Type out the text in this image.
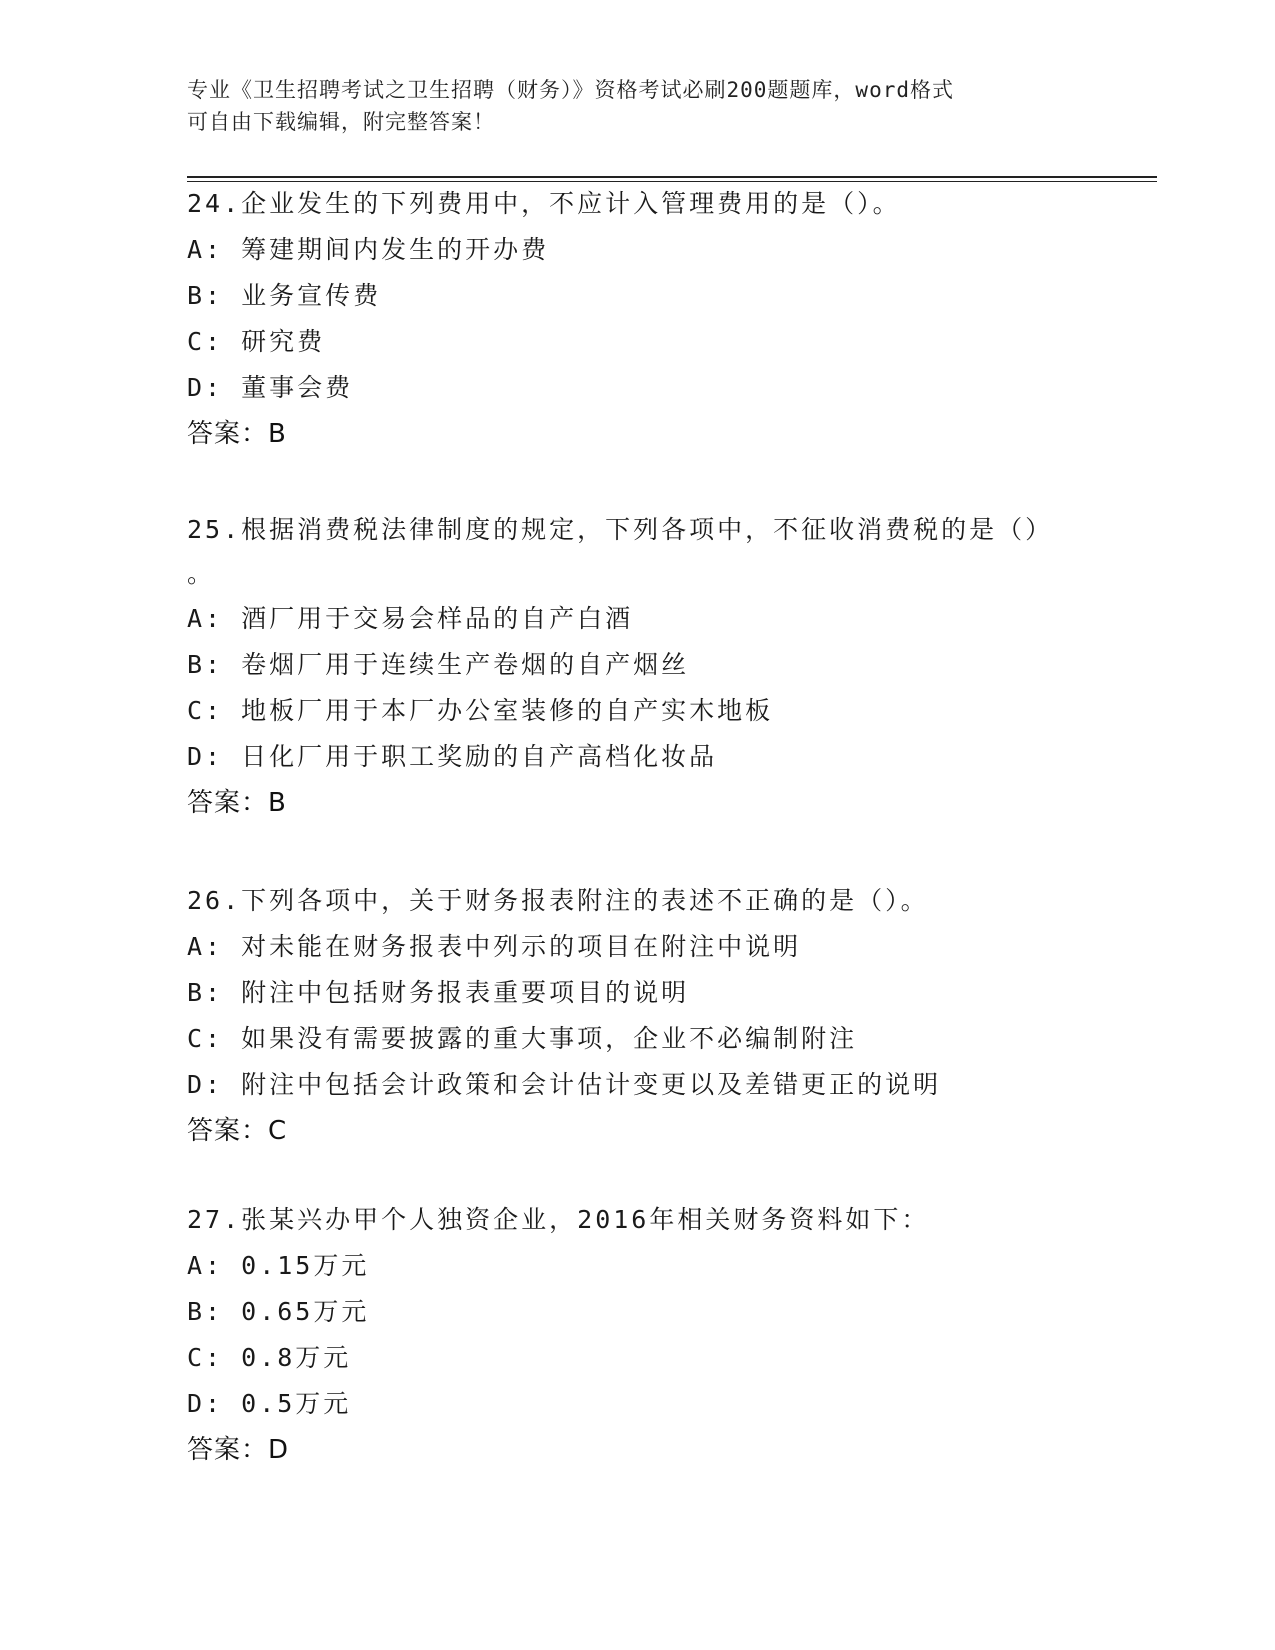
专业《卫生招聘考试之卫生招聘（财务）》资格考试必刷200题题库，word格式
可自由下载编辑，附完整答案！
24.企业发生的下列费用中，不应计入管理费用的是（）。
A: 筹建期间内发生的开办费
B: 业务宣传费
C: 研究费
D: 董事会费
答案：B
25.根据消费税法律制度的规定，下列各项中，不征收消费税的是（）
。
A: 酒厂用于交易会样品的自产白酒
B: 卷烟厂用于连续生产卷烟的自产烟丝
C: 地板厂用于本厂办公室装修的自产实木地板
D: 日化厂用于职工奖励的自产高档化妆品
答案：B
26.下列各项中，关于财务报表附注的表述不正确的是（）。
A: 对未能在财务报表中列示的项目在附注中说明
B: 附注中包括财务报表重要项目的说明
C: 如果没有需要披露的重大事项，企业不必编制附注
D: 附注中包括会计政策和会计估计变更以及差错更正的说明
答案：C
27.张某兴办甲个人独资企业，2016年相关财务资料如下：
A: 0.15万元
B: 0.65万元
C: 0.8万元
D: 0.5万元
答案：D
